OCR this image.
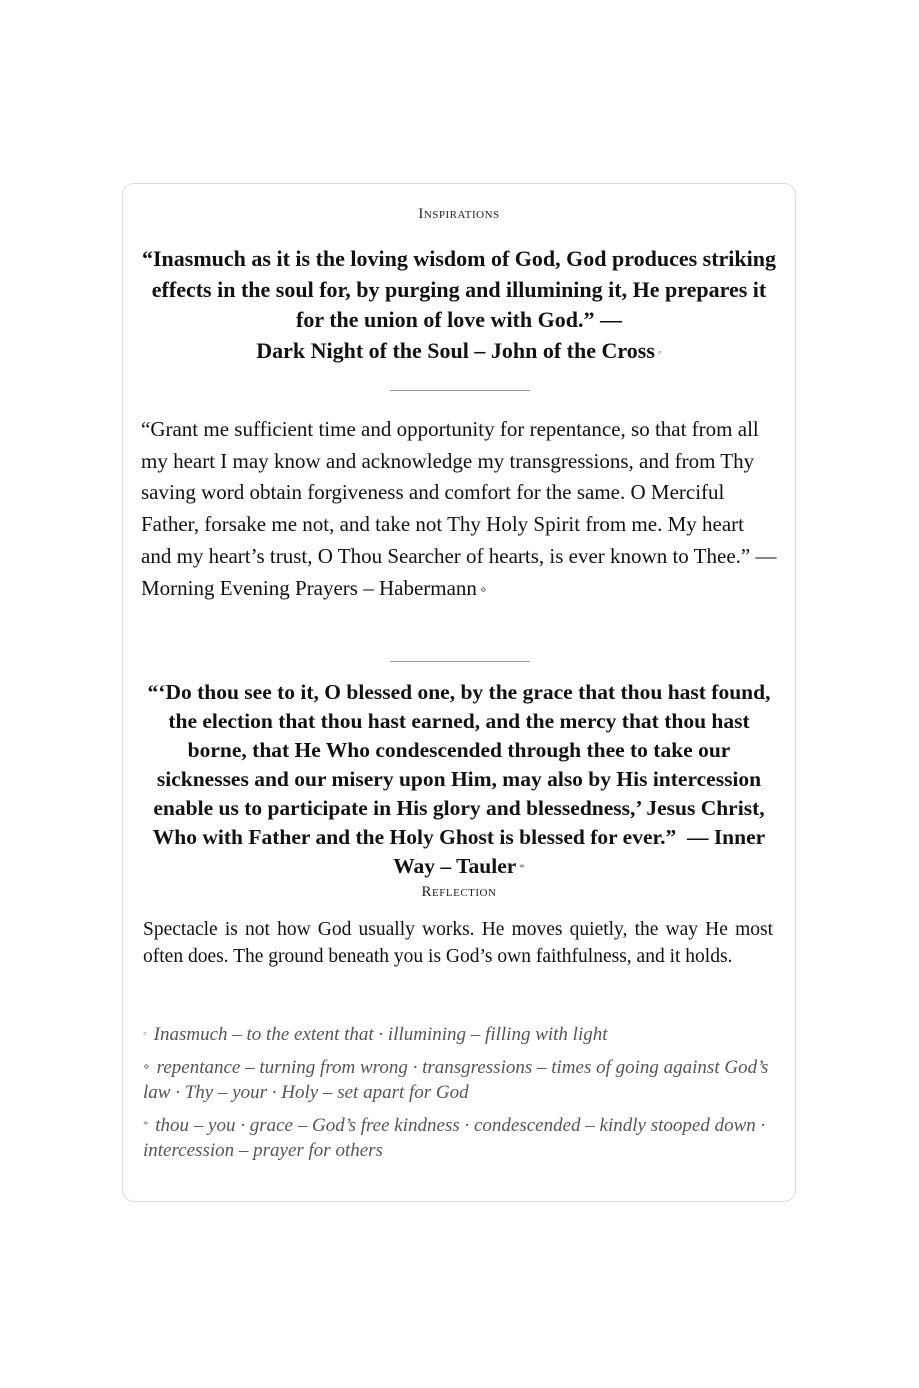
Inspirations
“Inasmuch as it is the loving wisdom of God, God produces striking effects in the soul for, by purging and illumining it, He prepares it for the union of love with God.” —
Dark Night of the Soul – John of the Cross ◦
“Grant me sufficient time and opportunity for repentance, so that from all my heart I may know and acknowledge my transgressions, and from Thy saving word obtain forgiveness and comfort for the same. O Merciful Father, forsake me not, and take not Thy Holy Spirit from me. My heart and my heart’s trust, O Thou Searcher of hearts, is ever known to Thee.” —
Morning Evening Prayers – Habermann ⋄
“‘Do thou see to it, O blessed one, by the grace that thou hast found, the election that thou hast earned, and the mercy that thou hast borne, that He Who condescended through thee to take our sicknesses and our misery upon Him, may also by His intercession enable us to participate in His glory and blessedness,’ Jesus Christ, Who with Father and the Holy Ghost is blessed for ever.” — Inner Way – Tauler *
Reflection
Spectacle is not how God usually works. He moves quietly, the way He most often does. The ground beneath you is God’s own faithfulness, and it holds.
◦ Inasmuch – to the extent that · illumining – filling with light
⋄ repentance – turning from wrong · transgressions – times of going against God’s law · Thy – your · Holy – set apart for God
* thou – you · grace – God’s free kindness · condescended – kindly stooped down · intercession – prayer for others
